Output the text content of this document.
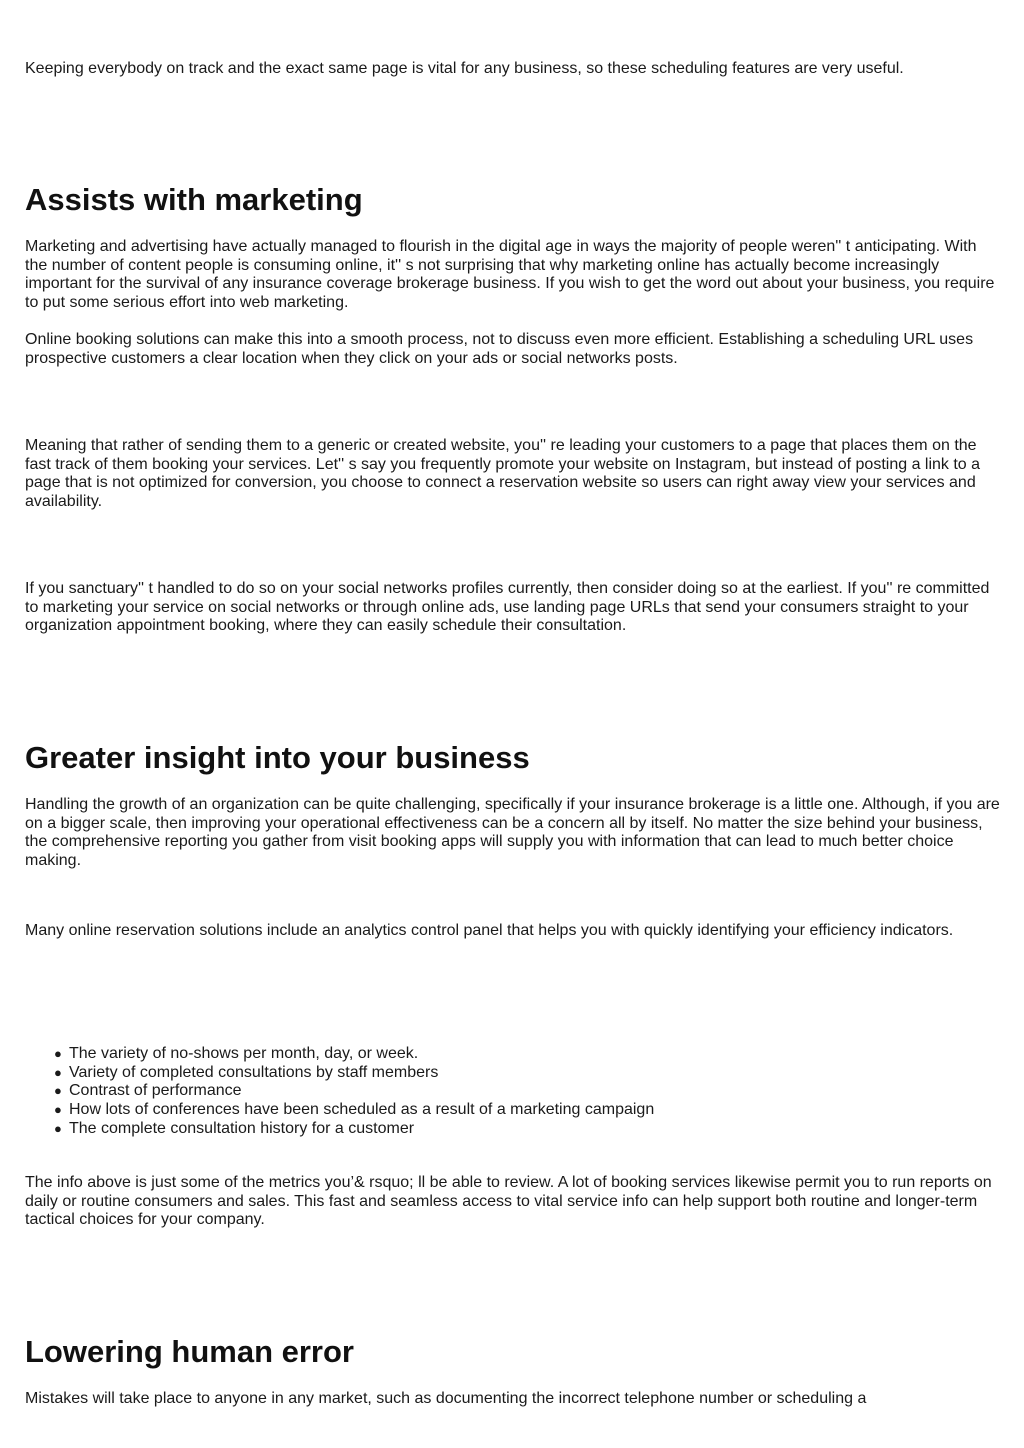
Keeping everybody on track and the exact same page is vital for any business, so these scheduling features are very useful.

Assists with marketing

Marketing and advertising have actually managed to flourish in the digital age in ways the majority of people weren'' t anticipating. With the number of content people is consuming online, it'' s not surprising that why marketing online has actually become increasingly important for the survival of any insurance coverage brokerage business. If you wish to get the word out about your business, you require to put some serious effort into web marketing.

Online booking solutions can make this into a smooth process, not to discuss even more efficient. Establishing a scheduling URL uses prospective customers a clear location when they click on your ads or social networks posts.

Meaning that rather of sending them to a generic or created website, you'' re leading your customers to a page that places them on the fast track of them booking your services. Let'' s say you frequently promote your website on Instagram, but instead of posting a link to a page that is not optimized for conversion, you choose to connect a reservation website so users can right away view your services and availability.

If you sanctuary'' t handled to do so on your social networks profiles currently, then consider doing so at the earliest. If you'' re committed to marketing your service on social networks or through online ads, use landing page URLs that send your consumers straight to your organization appointment booking, where they can easily schedule their consultation.

Greater insight into your business

Handling the growth of an organization can be quite challenging, specifically if your insurance brokerage is a little one. Although, if you are on a bigger scale, then improving your operational effectiveness can be a concern all by itself. No matter the size behind your business, the comprehensive reporting you gather from visit booking apps will supply you with information that can lead to much better choice making.

Many online reservation solutions include an analytics control panel that helps you with quickly identifying your efficiency indicators.

● The variety of no-shows per month, day, or week.
● Variety of completed consultations by staff members
● Contrast of performance
● How lots of conferences have been scheduled as a result of a marketing campaign
● The complete consultation history for a customer

The info above is just some of the metrics you’& rsquo; ll be able to review. A lot of booking services likewise permit you to run reports on daily or routine consumers and sales. This fast and seamless access to vital service info can help support both routine and longer-term tactical choices for your company.

Lowering human error

Mistakes will take place to anyone in any market, such as documenting the incorrect telephone number or scheduling a
